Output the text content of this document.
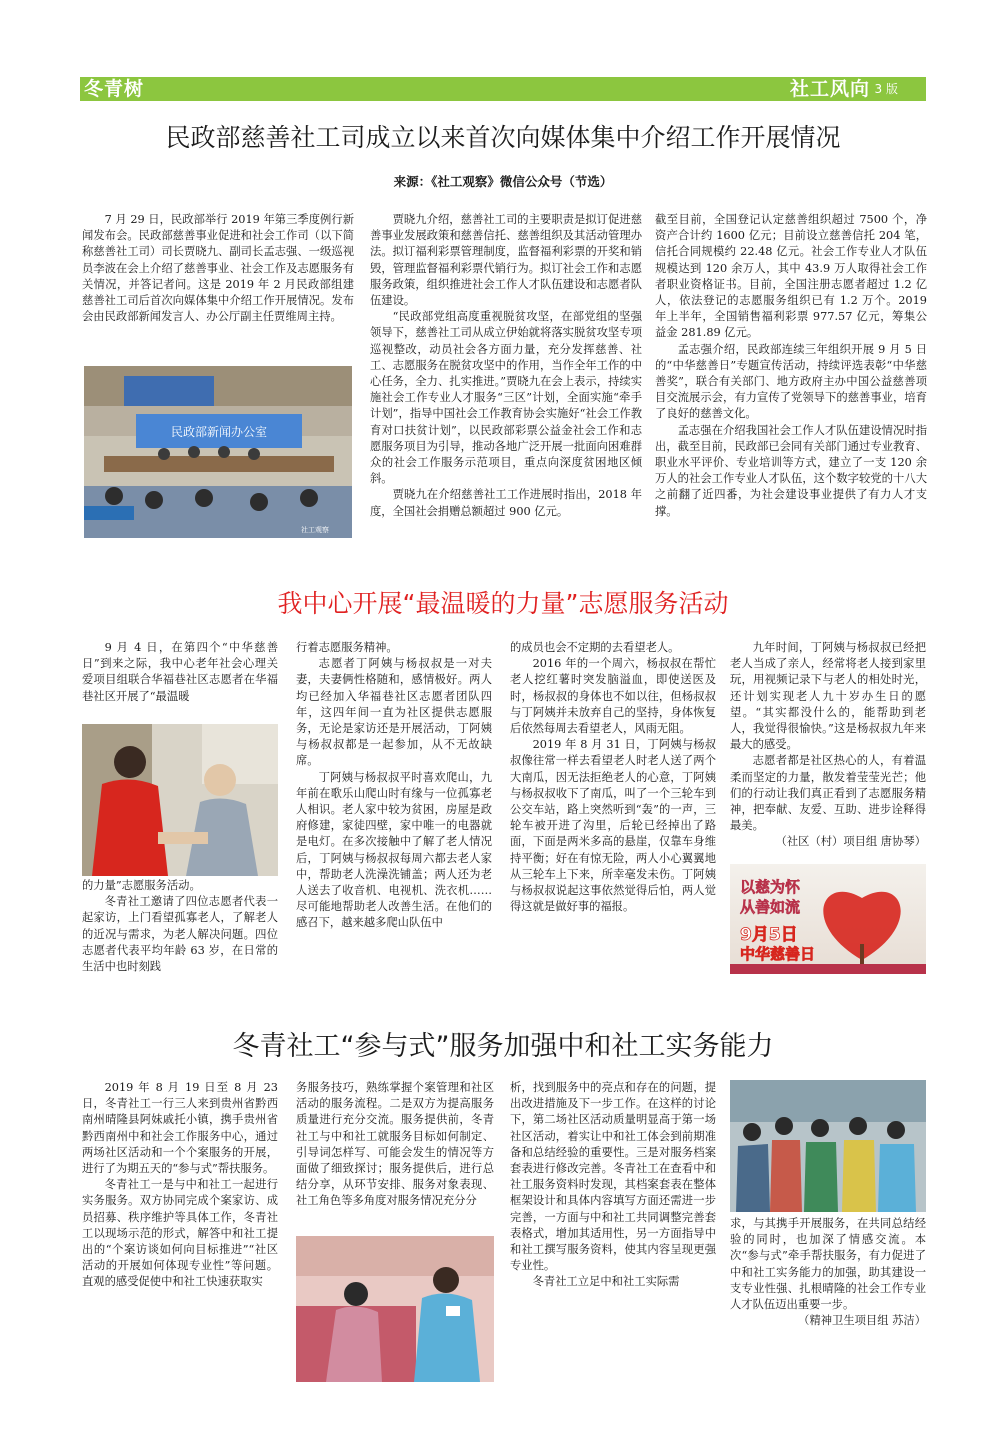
冬青树	社工风向 3 版
民政部慈善社工司成立以来首次向媒体集中介绍工作开展情况
来源：《社工观察》微信公众号（节选）

7 月 29 日，民政部举行 2019 年第三季度例行新闻发布会。民政部慈善事业促进和社会工作司（以下简称慈善社工司）司长贾晓九、副司长孟志强、一级巡视员李波在会上介绍了慈善事业、社会工作及志愿服务有关情况，并答记者问。这是 2019 年 2 月民政部组建慈善社工司后首次向媒体集中介绍工作开展情况。发布会由民政部新闻发言人、办公厅副主任贾维周主持。

民政部新闻办公室
社工观察

贾晓九介绍，慈善社工司的主要职责是拟订促进慈善事业发展政策和慈善信托、慈善组织及其活动管理办法。拟订福利彩票管理制度，监督福利彩票的开奖和销毁，管理监督福利彩票代销行为。拟订社会工作和志愿服务政策，组织推进社会工作人才队伍建设和志愿者队伍建设。

“民政部党组高度重视脱贫攻坚，在部党组的坚强领导下，慈善社工司从成立伊始就将落实脱贫攻坚专项巡视整改，动员社会各方面力量，充分发挥慈善、社工、志愿服务在脱贫攻坚中的作用，当作全年工作的中心任务，全力、扎实推进。”贾晓九在会上表示，持续实施社会工作专业人才服务“三区”计划，全面实施“牵手计划”，指导中国社会工作教育协会实施好“社会工作教育对口扶贫计划”，以民政部彩票公益金社会工作和志愿服务项目为引导，推动各地广泛开展一批面向困难群众的社会工作服务示范项目，重点向深度贫困地区倾斜。

贾晓九在介绍慈善社工工作进展时指出，2018 年度，全国社会捐赠总额超过 900 亿元。

截至目前，全国登记认定慈善组织超过 7500 个，净资产合计约 1600 亿元；目前设立慈善信托 204 笔，信托合同规模约 22.48 亿元。社会工作专业人才队伍规模达到 120 余万人，其中 43.9 万人取得社会工作者职业资格证书。目前，全国注册志愿者超过 1.2 亿人，依法登记的志愿服务组织已有 1.2 万个。2019 年上半年，全国销售福利彩票 977.57 亿元，筹集公益金 281.89 亿元。

孟志强介绍，民政部连续三年组织开展 9 月 5 日的“中华慈善日”专题宣传活动，持续评选表彰“中华慈善奖”，联合有关部门、地方政府主办中国公益慈善项目交流展示会，有力宣传了党领导下的慈善事业，培育了良好的慈善文化。

孟志强在介绍我国社会工作人才队伍建设情况时指出，截至目前，民政部已会同有关部门通过专业教育、职业水平评价、专业培训等方式，建立了一支 120 余万人的社会工作专业人才队伍，这个数字较党的十八大之前翻了近四番，为社会建设事业提供了有力人才支撑。

我中心开展“最温暖的力量”志愿服务活动

9 月 4 日，在第四个“中华慈善日”到来之际，我中心老年社会心理关爱项目组联合华福巷社区志愿者在华福巷社区开展了“最温暖

的力量”志愿服务活动。

冬青社工邀请了四位志愿者代表一起家访，上门看望孤寡老人，了解老人的近况与需求，为老人解决问题。四位志愿者代表平均年龄 63 岁，在日常的生活中也时刻践

行着志愿服务精神。

志愿者丁阿姨与杨叔叔是一对夫妻，夫妻俩性格随和，感情极好。两人均已经加入华福巷社区志愿者团队四年，这四年间一直为社区提供志愿服务，无论是家访还是开展活动，丁阿姨与杨叔叔都是一起参加，从不无故缺席。

丁阿姨与杨叔叔平时喜欢爬山，九年前在歌乐山爬山时有缘与一位孤寡老人相识。老人家中较为贫困，房屋是政府修建，家徒四壁，家中唯一的电器就是电灯。在多次接触中了解了老人情况后，丁阿姨与杨叔叔每周六都去老人家中，帮助老人洗澡洗铺盖；两人还为老人送去了收音机、电视机、洗衣机……尽可能地帮助老人改善生活。在他们的感召下，越来越多爬山队伍中

的成员也会不定期的去看望老人。

2016 年的一个周六，杨叔叔在帮忙老人挖红薯时突发脑溢血，即使送医及时，杨叔叔的身体也不如以往，但杨叔叔与丁阿姨并未放弃自己的坚持，身体恢复后依然每周去看望老人，风雨无阻。

2019 年 8 月 31 日，丁阿姨与杨叔叔像往常一样去看望老人时老人送了两个大南瓜，因无法拒绝老人的心意，丁阿姨与杨叔叔收下了南瓜，叫了一个三轮车到公交车站，路上突然听到“轰”的一声，三轮车被开进了沟里，后轮已经掉出了路面，下面是两米多高的悬崖，仅靠车身维持平衡；好在有惊无险，两人小心翼翼地从三轮车上下来，所幸毫发未伤。丁阿姨与杨叔叔说起这事依然觉得后怕，两人觉得这就是做好事的福报。

九年时间，丁阿姨与杨叔叔已经把老人当成了亲人，经常将老人接到家里玩，用视频记录下与老人的相处时光，还计划实现老人九十岁办生日的愿望。“其实都没什么的，能帮助到老人，我觉得很愉快。”这是杨叔叔九年来最大的感受。

志愿者都是社区热心的人，有着温柔而坚定的力量，散发着莹莹光芒；他们的行动让我们真正看到了志愿服务精神，把奉献、友爱、互助、进步诠释得最美。

（社区（村）项目组 唐协琴）

以慈为怀
从善如流
9月5日
中华慈善日
冬青社工“参与式”服务加强中和社工实务能力

2019 年 8 月 19 日至 8 月 23 日，冬青社工一行三人来到贵州省黔西南州晴隆县阿妹戚托小镇，携手贵州省黔西南州中和社会工作服务中心，通过两场社区活动和一个个案服务的开展，进行了为期五天的“参与式”帮扶服务。

冬青社工一是与中和社工一起进行实务服务。双方协同完成个案家访、成员招募、秩序维护等具体工作，冬青社工以现场示范的形式，解答中和社工提出的“个案访谈如何向目标推进”“社区活动的开展如何体现专业性”等问题。直观的感受促使中和社工快速获取实

务服务技巧，熟练掌握个案管理和社区活动的服务流程。二是双方为提高服务质量进行充分交流。服务提供前，冬青社工与中和社工就服务目标如何制定、引导词怎样写、可能会发生的情况等方面做了细致探讨；服务提供后，进行总结分享，从环节安排、服务对象表现、社工角色等多角度对服务情况充分分

析，找到服务中的亮点和存在的问题，提出改进措施及下一步工作。在这样的讨论下，第二场社区活动质量明显高于第一场社区活动，着实让中和社工体会到前期准备和总结经验的重要性。三是对服务档案套表进行修改完善。冬青社工在查看中和社工服务资料时发现，其档案套表在整体框架设计和具体内容填写方面还需进一步完善，一方面与中和社工共同调整完善套表格式，增加其适用性，另一方面指导中和社工撰写服务资料，使其内容呈现更强专业性。

冬青社工立足中和社工实际需

求，与其携手开展服务，在共同总结经验的同时，也加深了情感交流。本次“参与式”牵手帮扶服务，有力促进了中和社工实务能力的加强，助其建设一支专业性强、扎根晴隆的社会工作专业人才队伍迈出重要一步。

（精神卫生项目组 苏洁）
